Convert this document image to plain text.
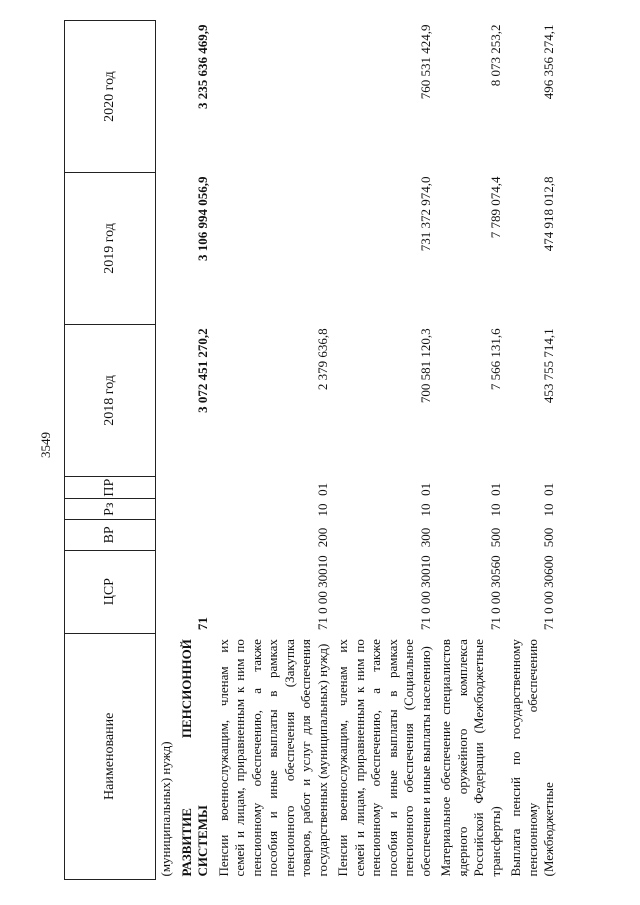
3549
Наименование	ЦСР	ВР	Рз	ПР	2018 год	2019 год	2020 год
(муниципальных) нужд)							
РАЗВИТИЕ ПЕНСИОННОЙ СИСТЕМЫ	71				3 072 451 270,2	3 106 994 056,9	3 235 636 469,9
Пенсии военнослужащим, членам их семей и лицам, приравненным к ним по пенсионному обеспечению, а также пособия и иные выплаты в рамках пенсионного обеспечения (Закупка товаров, работ и услуг для обеспечения государственных (муниципальных) нужд)	71 0 00 30010	200	10	01	2 379 636,8		
Пенсии военнослужащим, членам их семей и лицам, приравненным к ним по пенсионному обеспечению, а также пособия и иные выплаты в рамках пенсионного обеспечения (Социальное обеспечение и иные выплаты населению)	71 0 00 30010	300	10	01	700 581 120,3	731 372 974,0	760 531 424,9
Материальное обеспечение специалистов ядерного оружейного комплекса Российской Федерации (Межбюджетные трансферты)	71 0 00 30560	500	10	01	7 566 131,6	7 789 074,4	8 073 253,2
Выплата пенсий по государственному пенсионному обеспечению (Межбюджетные	71 0 00 30600	500	10	01	453 755 714,1	474 918 012,8	496 356 274,1
